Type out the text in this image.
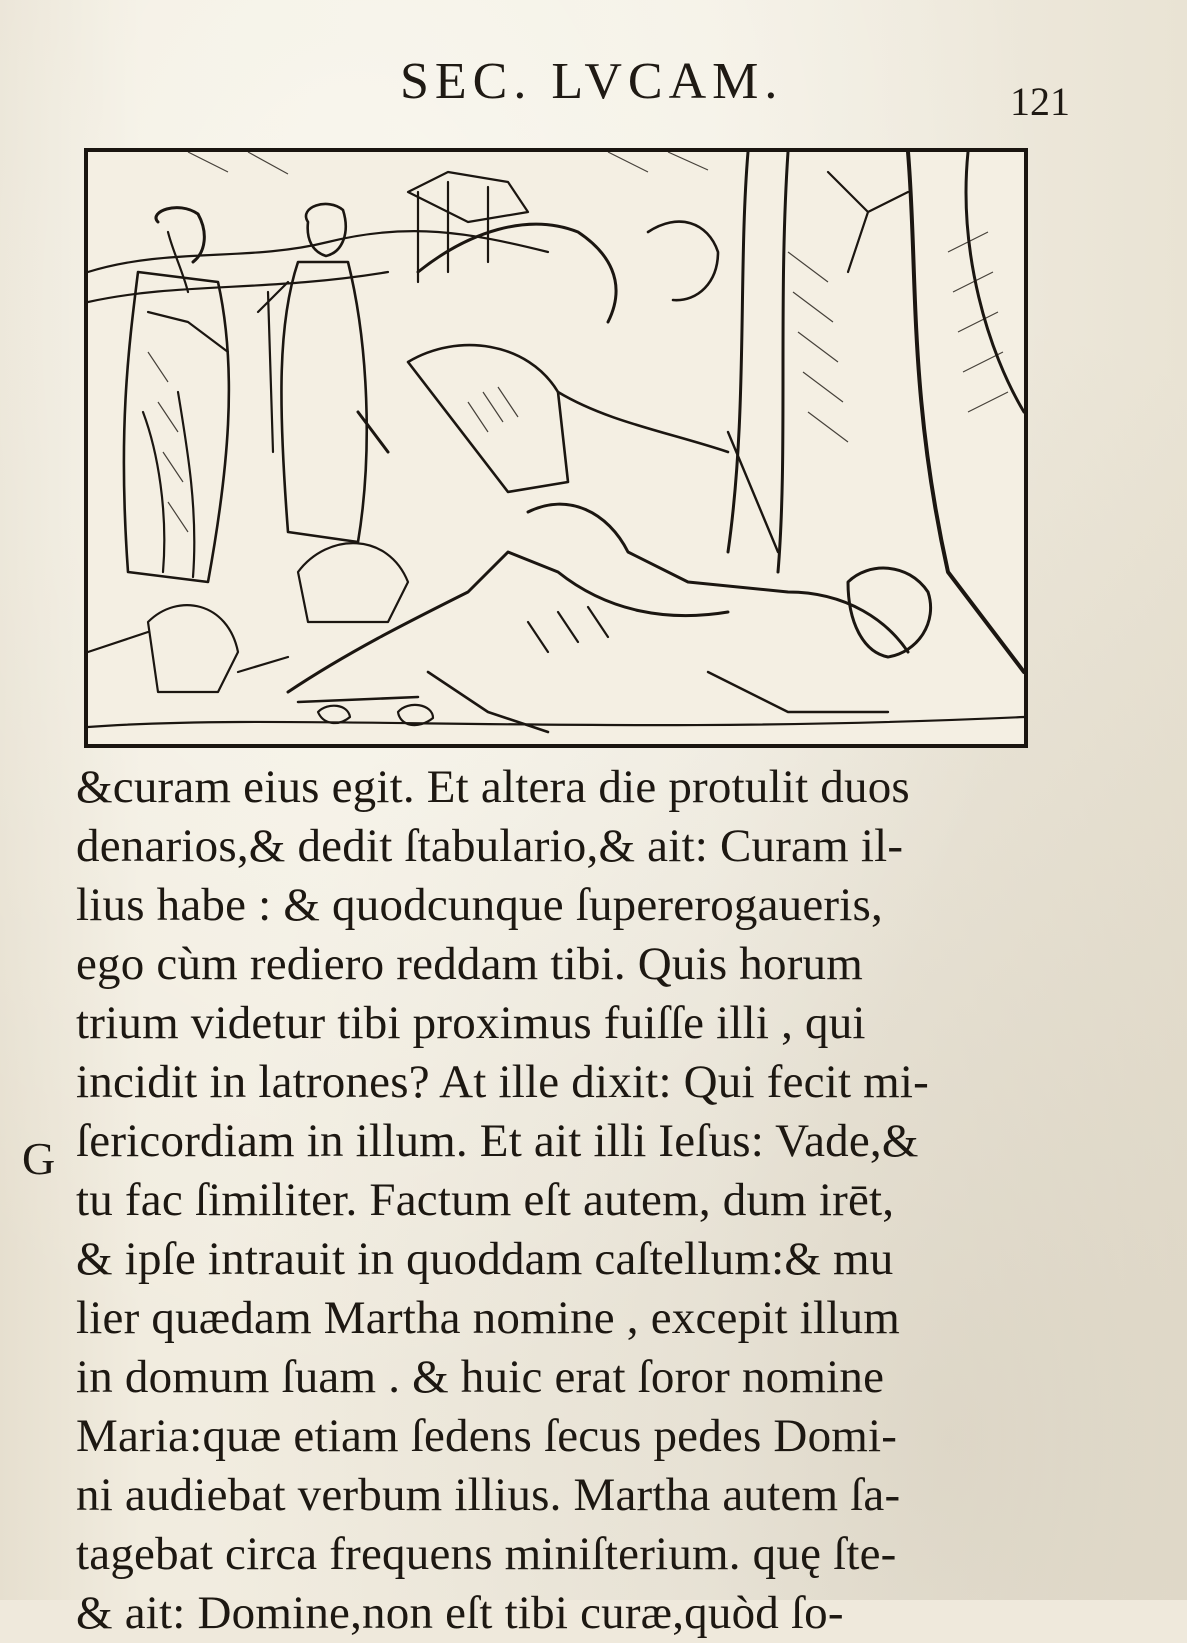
SEC. LVCAM.	121
G
&curam eius egit. Et altera die protulit duos
denarios,& dedit ſtabulario,& ait: Curam il-
lius habe : & quodcunque ſupererogaueris,
ego cùm rediero reddam tibi. Quis horum
trium videtur tibi proximus fuiſſe illi , qui
incidit in latrones? At ille dixit: Qui fecit mi-
ſericordiam in illum. Et ait illi Ieſus: Vade,&
tu fac ſimiliter. Factum eſt autem, dum irēt,
& ipſe intrauit in quoddam caſtellum:& mu
lier quædam Martha nomine , excepit illum
in domum ſuam . & huic erat ſoror nomine
Maria:quæ etiam ſedens ſecus pedes Domi-
ni audiebat verbum illius. Martha autem ſa-
tagebat circa frequens miniſterium. quę ſte-
& ait: Domine,non eſt tibi curæ,quòd ſo-
